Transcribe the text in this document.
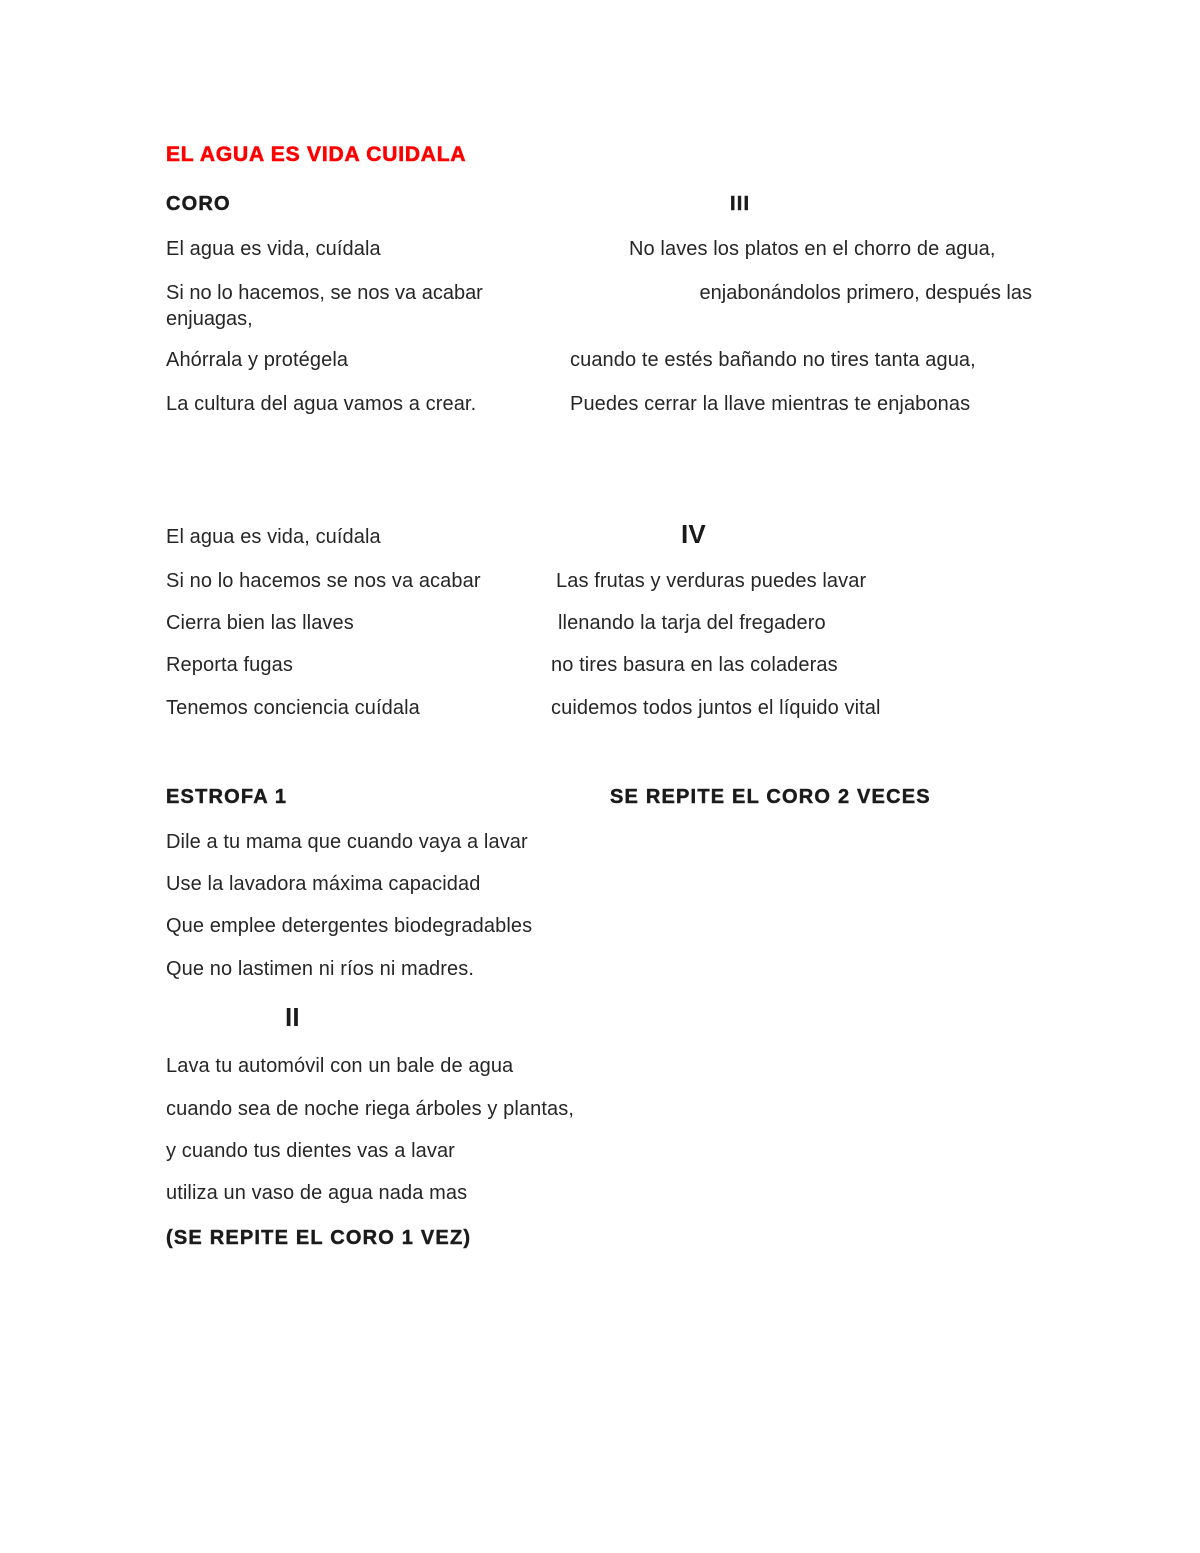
EL AGUA ES VIDA CUIDALA
CORO	III
El agua es vida, cuídala	No laves los platos en el chorro de agua,
Si no lo hacemos, se nos va acabar	enjabonándolos primero, después las
enjuagas,
Ahórrala y protégela	cuando te estés bañando no tires tanta agua,
La cultura del agua vamos a crear.	Puedes cerrar la llave mientras te enjabonas
El agua es vida, cuídala	IV
Si no lo hacemos se nos va acabar	Las frutas y verduras puedes lavar
Cierra bien las llaves	llenando la tarja del fregadero
Reporta fugas	no tires basura en las coladeras
Tenemos conciencia cuídala	cuidemos todos juntos el líquido vital
ESTROFA 1	SE REPITE EL CORO 2 VECES
Dile a tu mama que cuando vaya a lavar
Use la lavadora máxima capacidad
Que emplee detergentes biodegradables
Que no lastimen ni ríos ni madres.
II
Lava tu automóvil con un bale de agua
cuando sea de noche riega árboles y plantas,
y cuando tus dientes vas a lavar
utiliza un vaso de agua nada mas
(SE REPITE EL CORO 1 VEZ)
